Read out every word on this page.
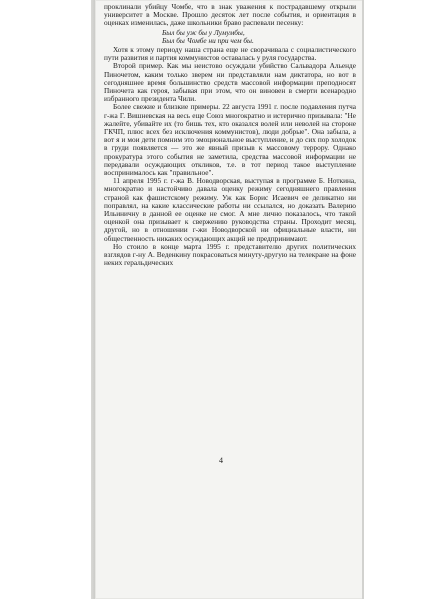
проклинали убийцу Чомбе, что в знак уважения к пострадавшему открыли университет в Москве. Прошло десяток лет после события, и ориентация в оценках изменилась, даже школьники браво распевали песенку:

Был бы уж бы у Лумумбы,
Был бы Чомбе ни при чем бы.

Хотя к этому периоду наша страна еще не сворачивала с социалистического пути развития и партия коммунистов оставалась у руля государства.

Второй пример. Как мы неистово осуждали убийство Сальвадора Альенде Пиночетом, каким только зверем ни представляли нам диктатора, но вот в сегодняшнее время большинство средств массовой информации преподносят Пиночета как героя, забывая при этом, что он виновен в смерти всенародно избранного президента Чили.

Более свежие и близкие примеры. 22 августа 1991 г. после подавления путча г-жа Г. Вишневская на весь еще Союз многократно и истерично призывала: "Не жалейте, убивайте их (то бишь тех, кто оказался волей или неволей на стороне ГКЧП, плюс всех без исключения коммунистов), люди добрые". Она забыла, а вот я и мои дети помним это эмоциональное выступление, и до сих пор холодок в груди появляется — это же явный призыв к массовому террору. Однако прокуратура этого события не заметила, средства массовой информации не передавали осуждающих откликов, т.е. в тот период такое выступление воспринималось как "правильное".

11 апреля 1995 г. г-жа В. Новодворская, выступая в программе Б. Ноткина, многократно и настойчиво давала оценку режиму сегодняшнего правления страной как фашистскому режиму. Уж как Борис Исаевич ее деликатно ни поправлял, на какие классические работы ни ссылался, но доказать Валерию Ильиничну в данной ее оценке не смог. А мне лично показалось, что такой оценкой она призывает к свержению руководства страны. Проходит месяц, другой, но в отношении г-жи Новодворской ни официальные власти, ни общественность никаких осуждающих акций не предпринимают.

Но стоило в конце марта 1995 г. представителю других политических взглядов г-ну А. Веденкину покрасоваться минуту-другую на телекране на фоне неких геральдических

4
